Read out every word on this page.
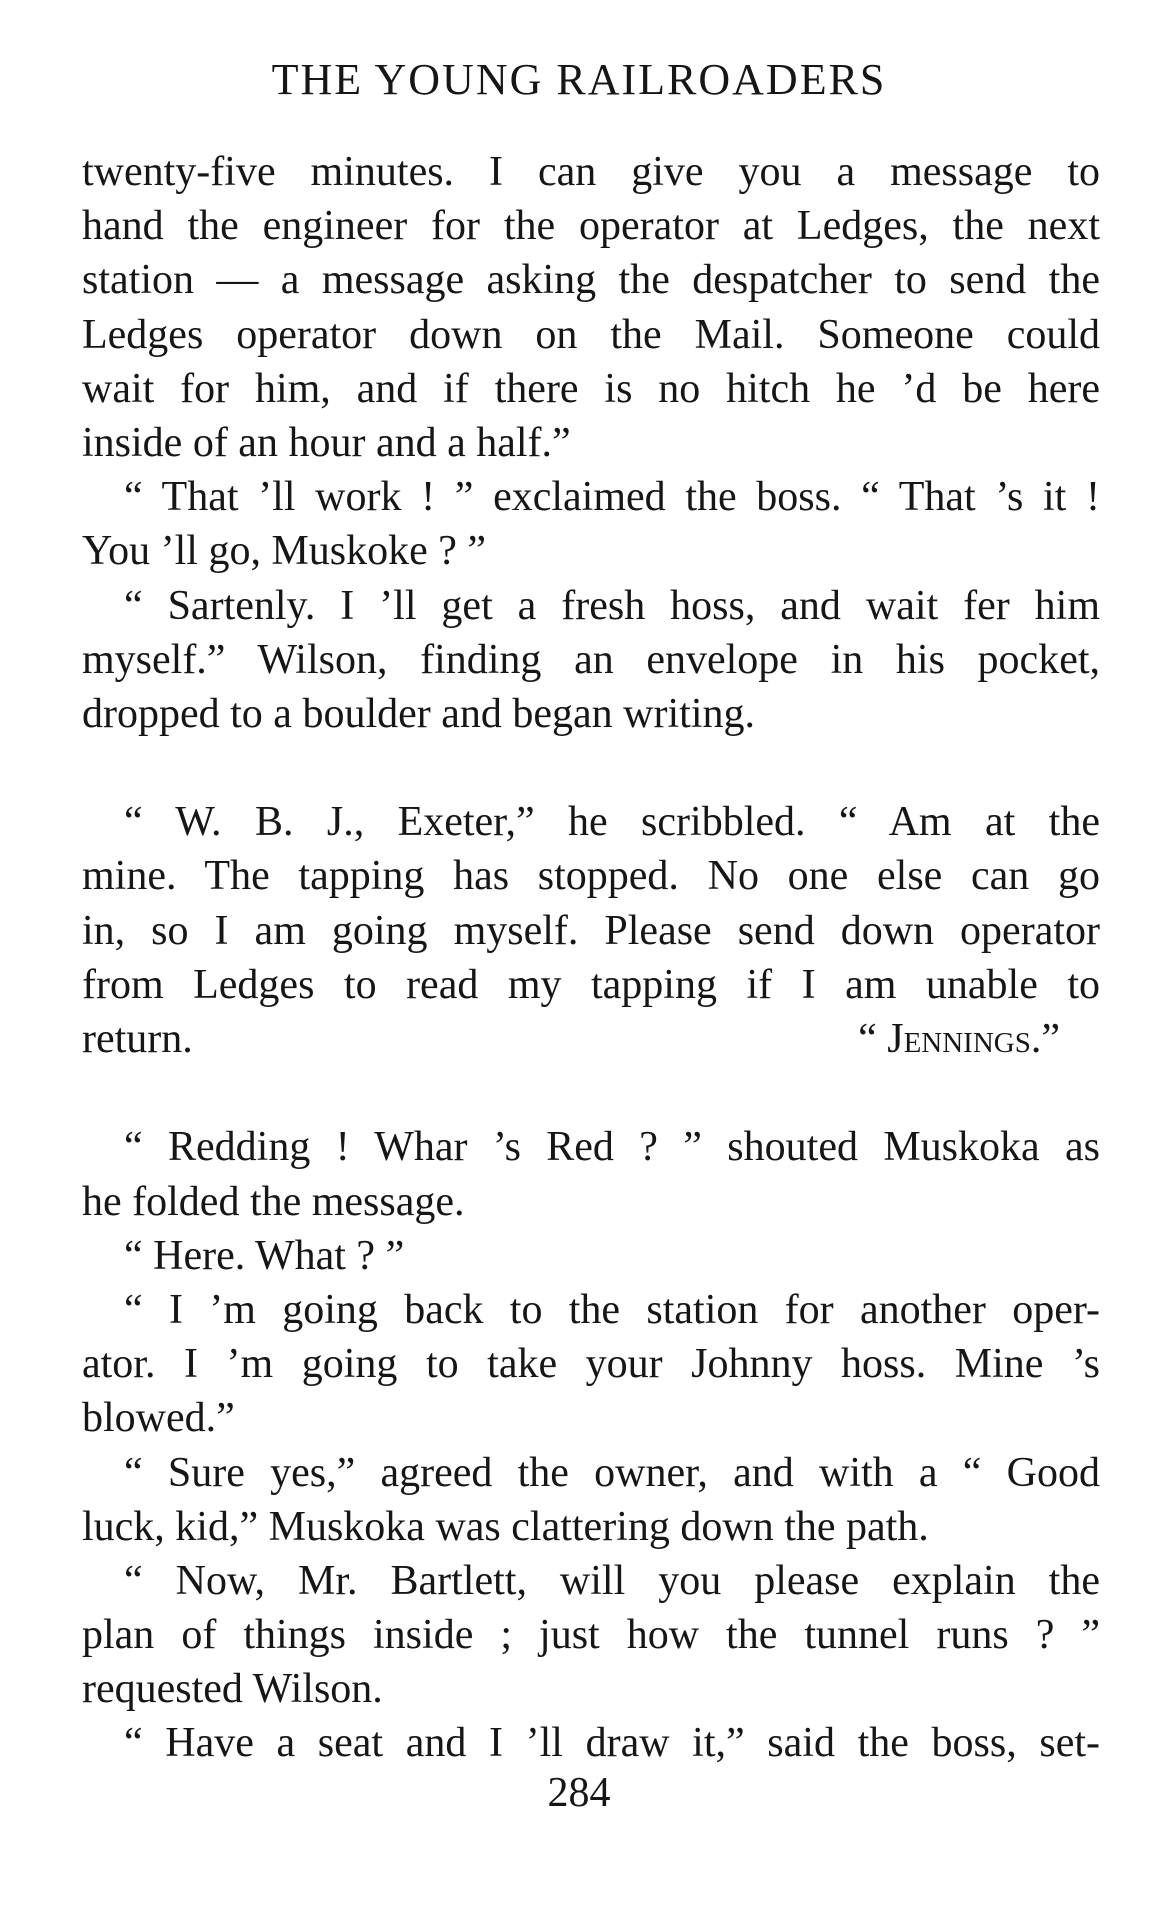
THE YOUNG RAILROADERS
twenty-five minutes. I can give you a message to
hand the engineer for the operator at Ledges, the next
station — a message asking the despatcher to send the
Ledges operator down on the Mail. Someone could
wait for him, and if there is no hitch he ’d be here
inside of an hour and a half.”
“ That ’ll work ! ” exclaimed the boss. “ That ’s it !
You ’ll go, Muskoke ? ”
“ Sartenly. I ’ll get a fresh hoss, and wait fer him
myself.” Wilson, finding an envelope in his pocket,
dropped to a boulder and began writing.
“ W. B. J., Exeter,” he scribbled. “ Am at the
mine. The tapping has stopped. No one else can go
in, so I am going myself. Please send down operator
from Ledges to read my tapping if I am unable to
return.	“ Jennings.”
“ Redding ! Whar ’s Red ? ” shouted Muskoka as
he folded the message.
“ Here. What ? ”
“ I ’m going back to the station for another oper-
ator. I ’m going to take your Johnny hoss. Mine ’s
blowed.”
“ Sure yes,” agreed the owner, and with a “ Good
luck, kid,” Muskoka was clattering down the path.
“ Now, Mr. Bartlett, will you please explain the
plan of things inside ; just how the tunnel runs ? ”
requested Wilson.
“ Have a seat and I ’ll draw it,” said the boss, set-
284
